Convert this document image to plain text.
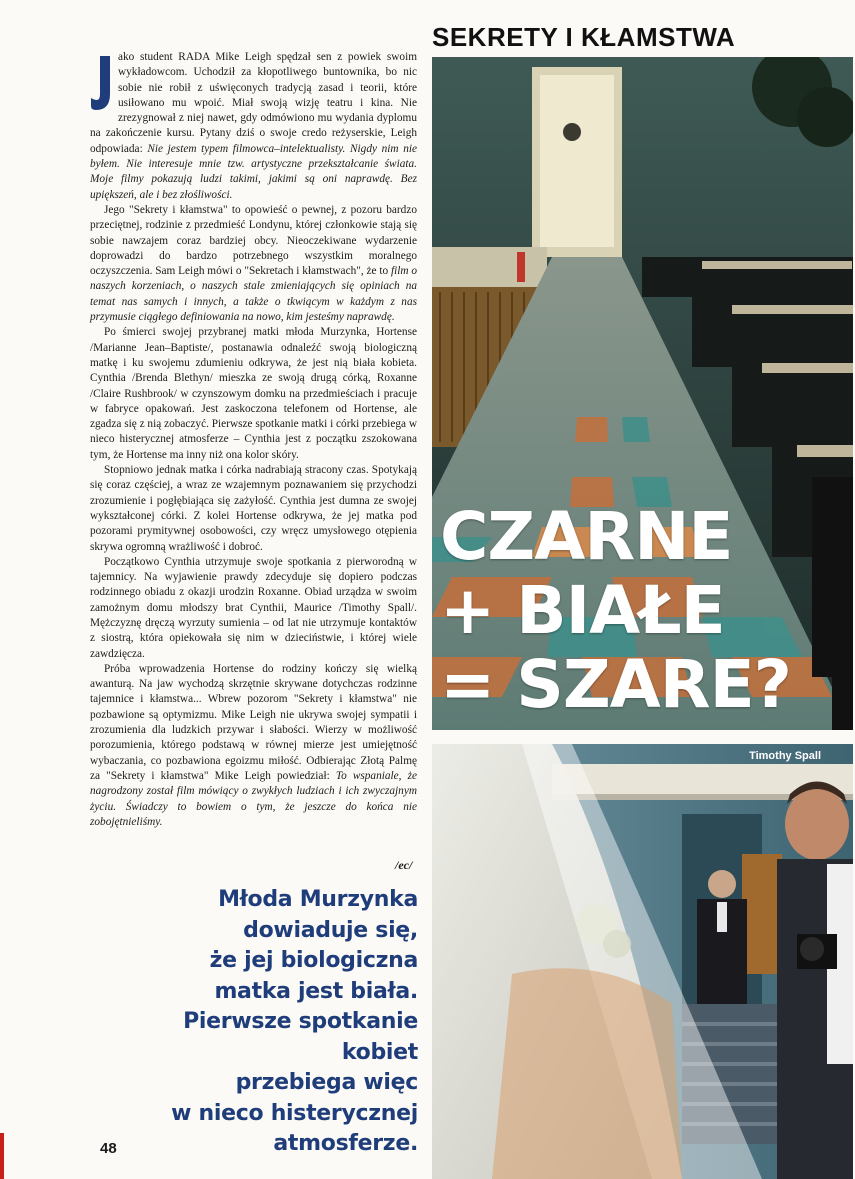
SEKRETY I KŁAMSTWA

ako student RADA Mike Leigh spędzał sen z powiek swoim wykładowcom. Uchodził za kłopotliwego buntownika, bo nic sobie nie robił z uświęconych tradycją zasad i teorii, które usiłowano mu wpoić. Miał swoją wizję teatru i kina. Nie zrezygnował z niej nawet, gdy odmówiono mu wydania dyplomu na zakończenie kursu. Pytany dziś o swoje credo reżyserskie, Leigh odpowiada: Nie jestem typem filmowca–intelektualisty. Nigdy nim nie byłem. Nie interesuje mnie tzw. artystyczne przekształcanie świata. Moje filmy pokazują ludzi takimi, jakimi są oni naprawdę. Bez upiększeń, ale i bez złośliwości.

Jego "Sekrety i kłamstwa" to opowieść o pewnej, z pozoru bardzo przeciętnej, rodzinie z przedmieść Londynu, której członkowie stają się sobie nawzajem coraz bardziej obcy. Nieoczekiwane wydarzenie doprowadzi do bardzo potrzebnego wszystkim moralnego oczyszczenia. Sam Leigh mówi o "Sekretach i kłamstwach", że to film o naszych korzeniach, o naszych stale zmieniających się opiniach na temat nas samych i innych, a także o tkwiącym w każdym z nas przymusie ciągłego definiowania na nowo, kim jesteśmy naprawdę.

Po śmierci swojej przybranej matki młoda Murzynka, Hortense /Marianne Jean–Baptiste/, postanawia odnaleźć swoją biologiczną matkę i ku swojemu zdumieniu odkrywa, że jest nią biała kobieta. Cynthia /Brenda Blethyn/ mieszka ze swoją drugą córką, Roxanne /Claire Rushbrook/ w czynszowym domku na przedmieściach i pracuje w fabryce opakowań. Jest zaskoczona telefonem od Hortense, ale zgadza się z nią zobaczyć. Pierwsze spotkanie matki i córki przebiega w nieco histerycznej atmosferze – Cynthia jest z początku zszokowana tym, że Hortense ma inny niż ona kolor skóry.

Stopniowo jednak matka i córka nadrabiają stracony czas. Spotykają się coraz częściej, a wraz ze wzajemnym poznawaniem się przychodzi zrozumienie i pogłębiająca się zażyłość. Cynthia jest dumna ze swojej wykształconej córki. Z kolei Hortense odkrywa, że jej matka pod pozorami prymitywnej osobowości, czy wręcz umysłowego otępienia skrywa ogromną wrażliwość i dobroć.

Początkowo Cynthia utrzymuje swoje spotkania z pierworodną w tajemnicy. Na wyjawienie prawdy zdecyduje się dopiero podczas rodzinnego obiadu z okazji urodzin Roxanne. Obiad urządza w swoim zamożnym domu młodszy brat Cynthii, Maurice /Timothy Spall/. Mężczyznę dręczą wyrzuty sumienia – od lat nie utrzymuje kontaktów z siostrą, która opiekowała się nim w dzieciństwie, i której wiele zawdzięcza.

Próba wprowadzenia Hortense do rodziny kończy się wielką awanturą. Na jaw wychodzą skrzętnie skrywane dotychczas rodzinne tajemnice i kłamstwa... Wbrew pozorom "Sekrety i kłamstwa" nie pozbawione są optymizmu. Mike Leigh nie ukrywa swojej sympatii i zrozumienia dla ludzkich przywar i słabości. Wierzy w możliwość porozumienia, którego podstawą w równej mierze jest umiejętność wybaczania, co pozbawiona egoizmu miłość. Odbierając Złotą Palmę za "Sekrety i kłamstwa" Mike Leigh powiedział: To wspaniale, że nagrodzony został film mówiący o zwykłych ludziach i ich zwyczajnym życiu. Świadczy to bowiem o tym, że jeszcze do końca nie zobojętnieliśmy.

/ec/
Młoda Murzynka
dowiaduje się,
że jej biologiczna
matka jest biała.
Pierwsze spotkanie kobiet
przebiega więc
w nieco histerycznej
atmosferze.
48
CZARNE
+ BIAŁE
= SZARE?
Timothy Spall
